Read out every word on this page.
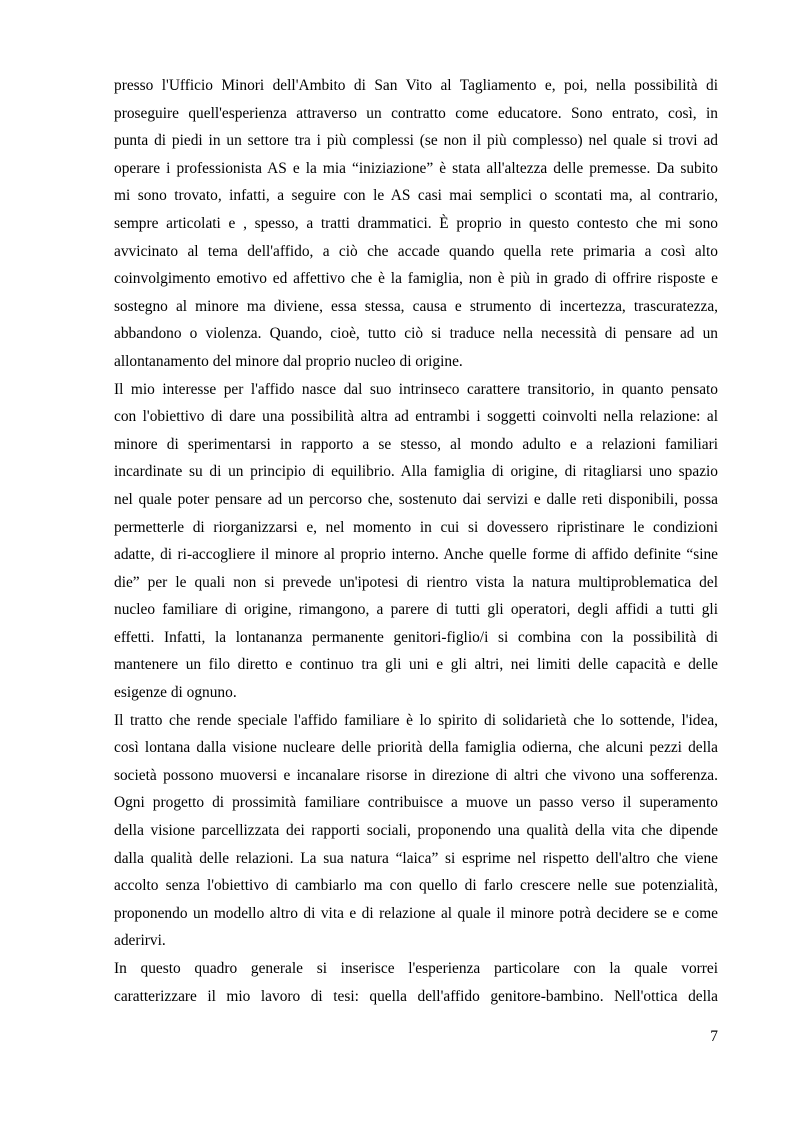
presso l'Ufficio Minori dell'Ambito di San Vito al Tagliamento e, poi, nella possibilità di
proseguire quell'esperienza attraverso un contratto come educatore. Sono entrato, così, in
punta di piedi in un settore tra i più complessi (se non il più complesso) nel quale si trovi ad
operare i professionista AS e la mia “iniziazione” è stata all'altezza delle premesse. Da subito
mi sono trovato, infatti, a seguire con le AS casi mai semplici o scontati ma, al contrario,
sempre articolati e , spesso, a tratti drammatici. È proprio in questo contesto che mi sono
avvicinato al tema dell'affido, a ciò che accade quando quella rete primaria a così alto
coinvolgimento emotivo ed affettivo che è la famiglia, non è più in grado di offrire risposte e
sostegno al minore ma diviene, essa stessa, causa e strumento di incertezza, trascuratezza,
abbandono o violenza. Quando, cioè, tutto ciò si traduce nella necessità di pensare ad un
allontanamento del minore dal proprio nucleo di origine.
Il mio interesse per l'affido nasce dal suo intrinseco carattere transitorio, in quanto pensato
con l'obiettivo di dare una possibilità altra ad entrambi i soggetti coinvolti nella relazione: al
minore di sperimentarsi in rapporto a se stesso, al mondo adulto e a relazioni familiari
incardinate su di un principio di equilibrio. Alla famiglia di origine, di ritagliarsi uno spazio
nel quale poter pensare ad un percorso che, sostenuto dai servizi e dalle reti disponibili, possa
permetterle di riorganizzarsi e, nel momento in cui si dovessero ripristinare le condizioni
adatte, di ri-accogliere il minore al proprio interno. Anche quelle forme di affido definite “sine
die” per le quali non si prevede un'ipotesi di rientro vista la natura multiproblematica del
nucleo familiare di origine, rimangono, a parere di tutti gli operatori, degli affidi a tutti gli
effetti. Infatti, la lontananza permanente genitori-figlio/i si combina con la possibilità di
mantenere un filo diretto e continuo tra gli uni e gli altri, nei limiti delle capacità e delle
esigenze di ognuno.
Il tratto che rende speciale l'affido familiare è lo spirito di solidarietà che lo sottende, l'idea,
così lontana dalla visione nucleare delle priorità della famiglia odierna, che alcuni pezzi della
società possono muoversi e incanalare risorse in direzione di altri che vivono una sofferenza.
Ogni progetto di prossimità familiare contribuisce a muove un passo verso il superamento
della visione parcellizzata dei rapporti sociali, proponendo una qualità della vita che dipende
dalla qualità delle relazioni. La sua natura “laica” si esprime nel rispetto dell'altro che viene
accolto senza l'obiettivo di cambiarlo ma con quello di farlo crescere nelle sue potenzialità,
proponendo un modello altro di vita e di relazione al quale il minore potrà decidere se e come
aderirvi.
In questo quadro generale si inserisce l'esperienza particolare con la quale vorrei
caratterizzare il mio lavoro di tesi: quella dell'affido genitore-bambino. Nell'ottica della
7
